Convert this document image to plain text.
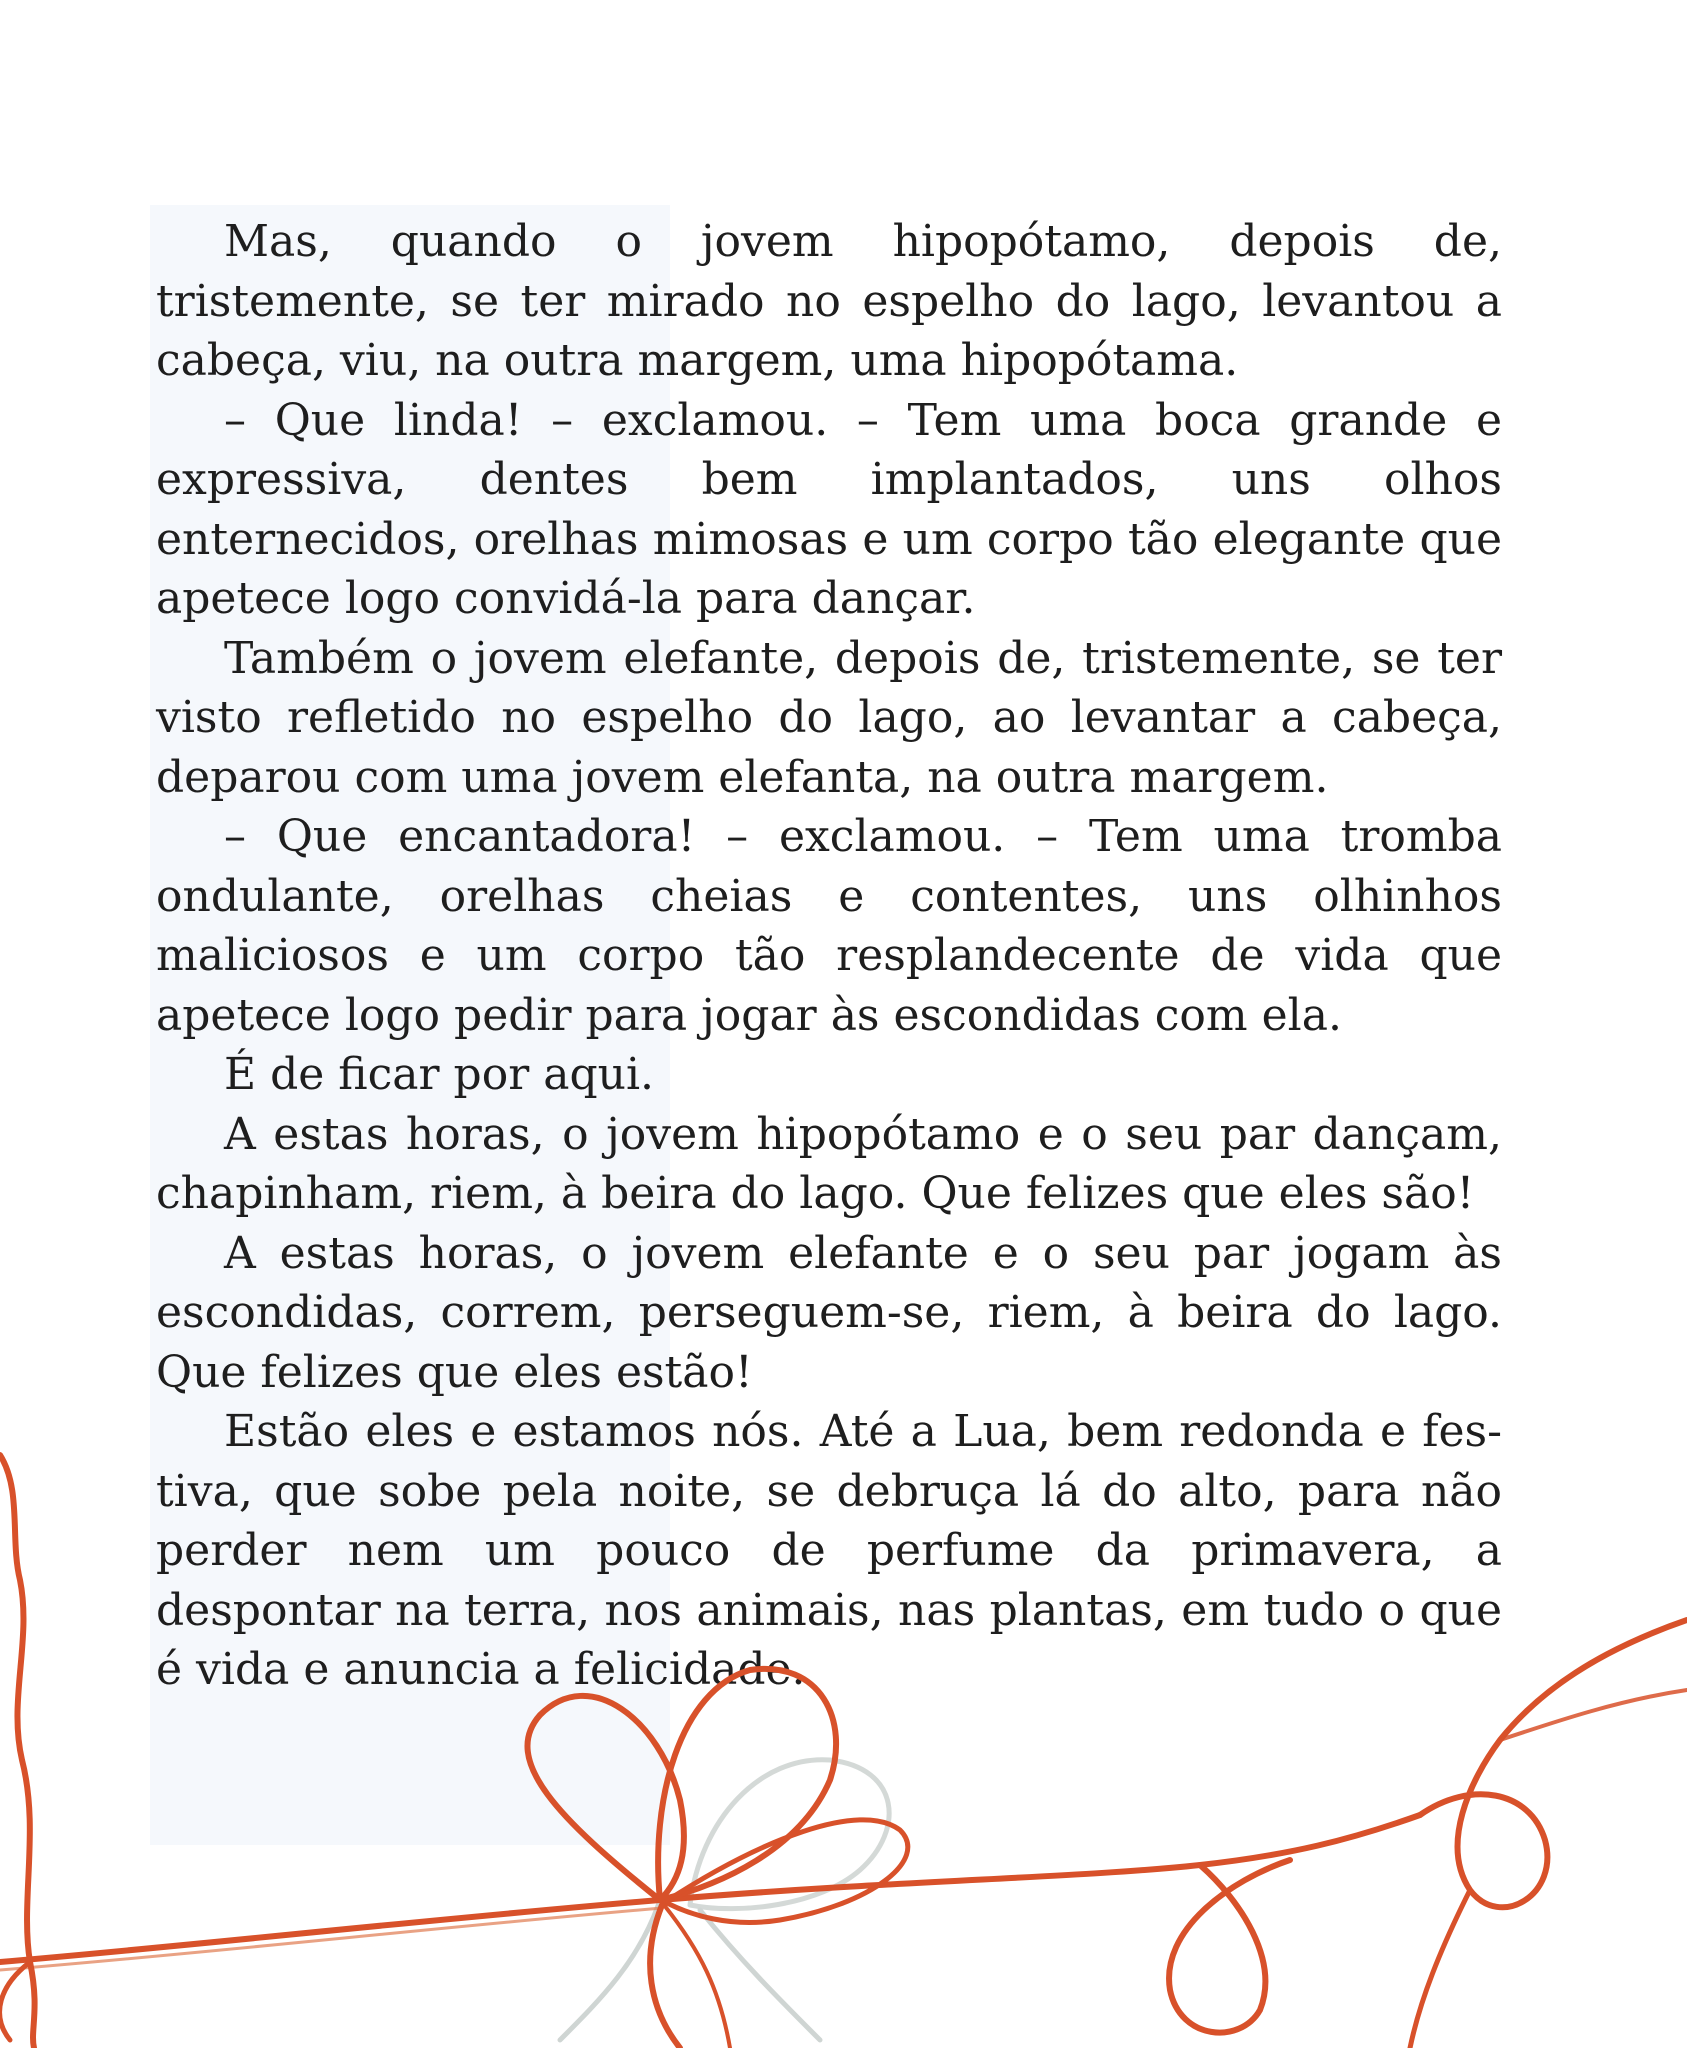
Mas, quando o jovem hipopótamo, depois de, tristemente, se ter mirado no espelho do lago, levantou a cabeça, viu, na outra margem, uma hipopótama.

– Que linda! – exclamou. – Tem uma boca grande e expressiva, dentes bem implantados, uns olhos enternecidos, orelhas mimosas e um corpo tão elegante que apetece logo convidá-la para dançar.

Também o jovem elefante, depois de, tristemente, se ter visto refletido no espelho do lago, ao levantar a cabeça, deparou com uma jovem elefanta, na outra margem.

– Que encantadora! – exclamou. – Tem uma tromba ondulante, orelhas cheias e contentes, uns olhinhos maliciosos e um corpo tão resplandecente de vida que apetece logo pedir para jogar às escondidas com ela.

É de ficar por aqui.

A estas horas, o jovem hipopótamo e o seu par dançam, chapinham, riem, à beira do lago. Que felizes que eles são!

A estas horas, o jovem elefante e o seu par jogam às escondidas, correm, perseguem-se, riem, à beira do lago. Que felizes que eles estão!

Estão eles e estamos nós. Até a Lua, bem redonda e festiva, que sobe pela noite, se debruça lá do alto, para não perder nem um pouco de perfume da primavera, a despontar na terra, nos animais, nas plantas, em tudo o que é vida e anuncia a felicidade.
